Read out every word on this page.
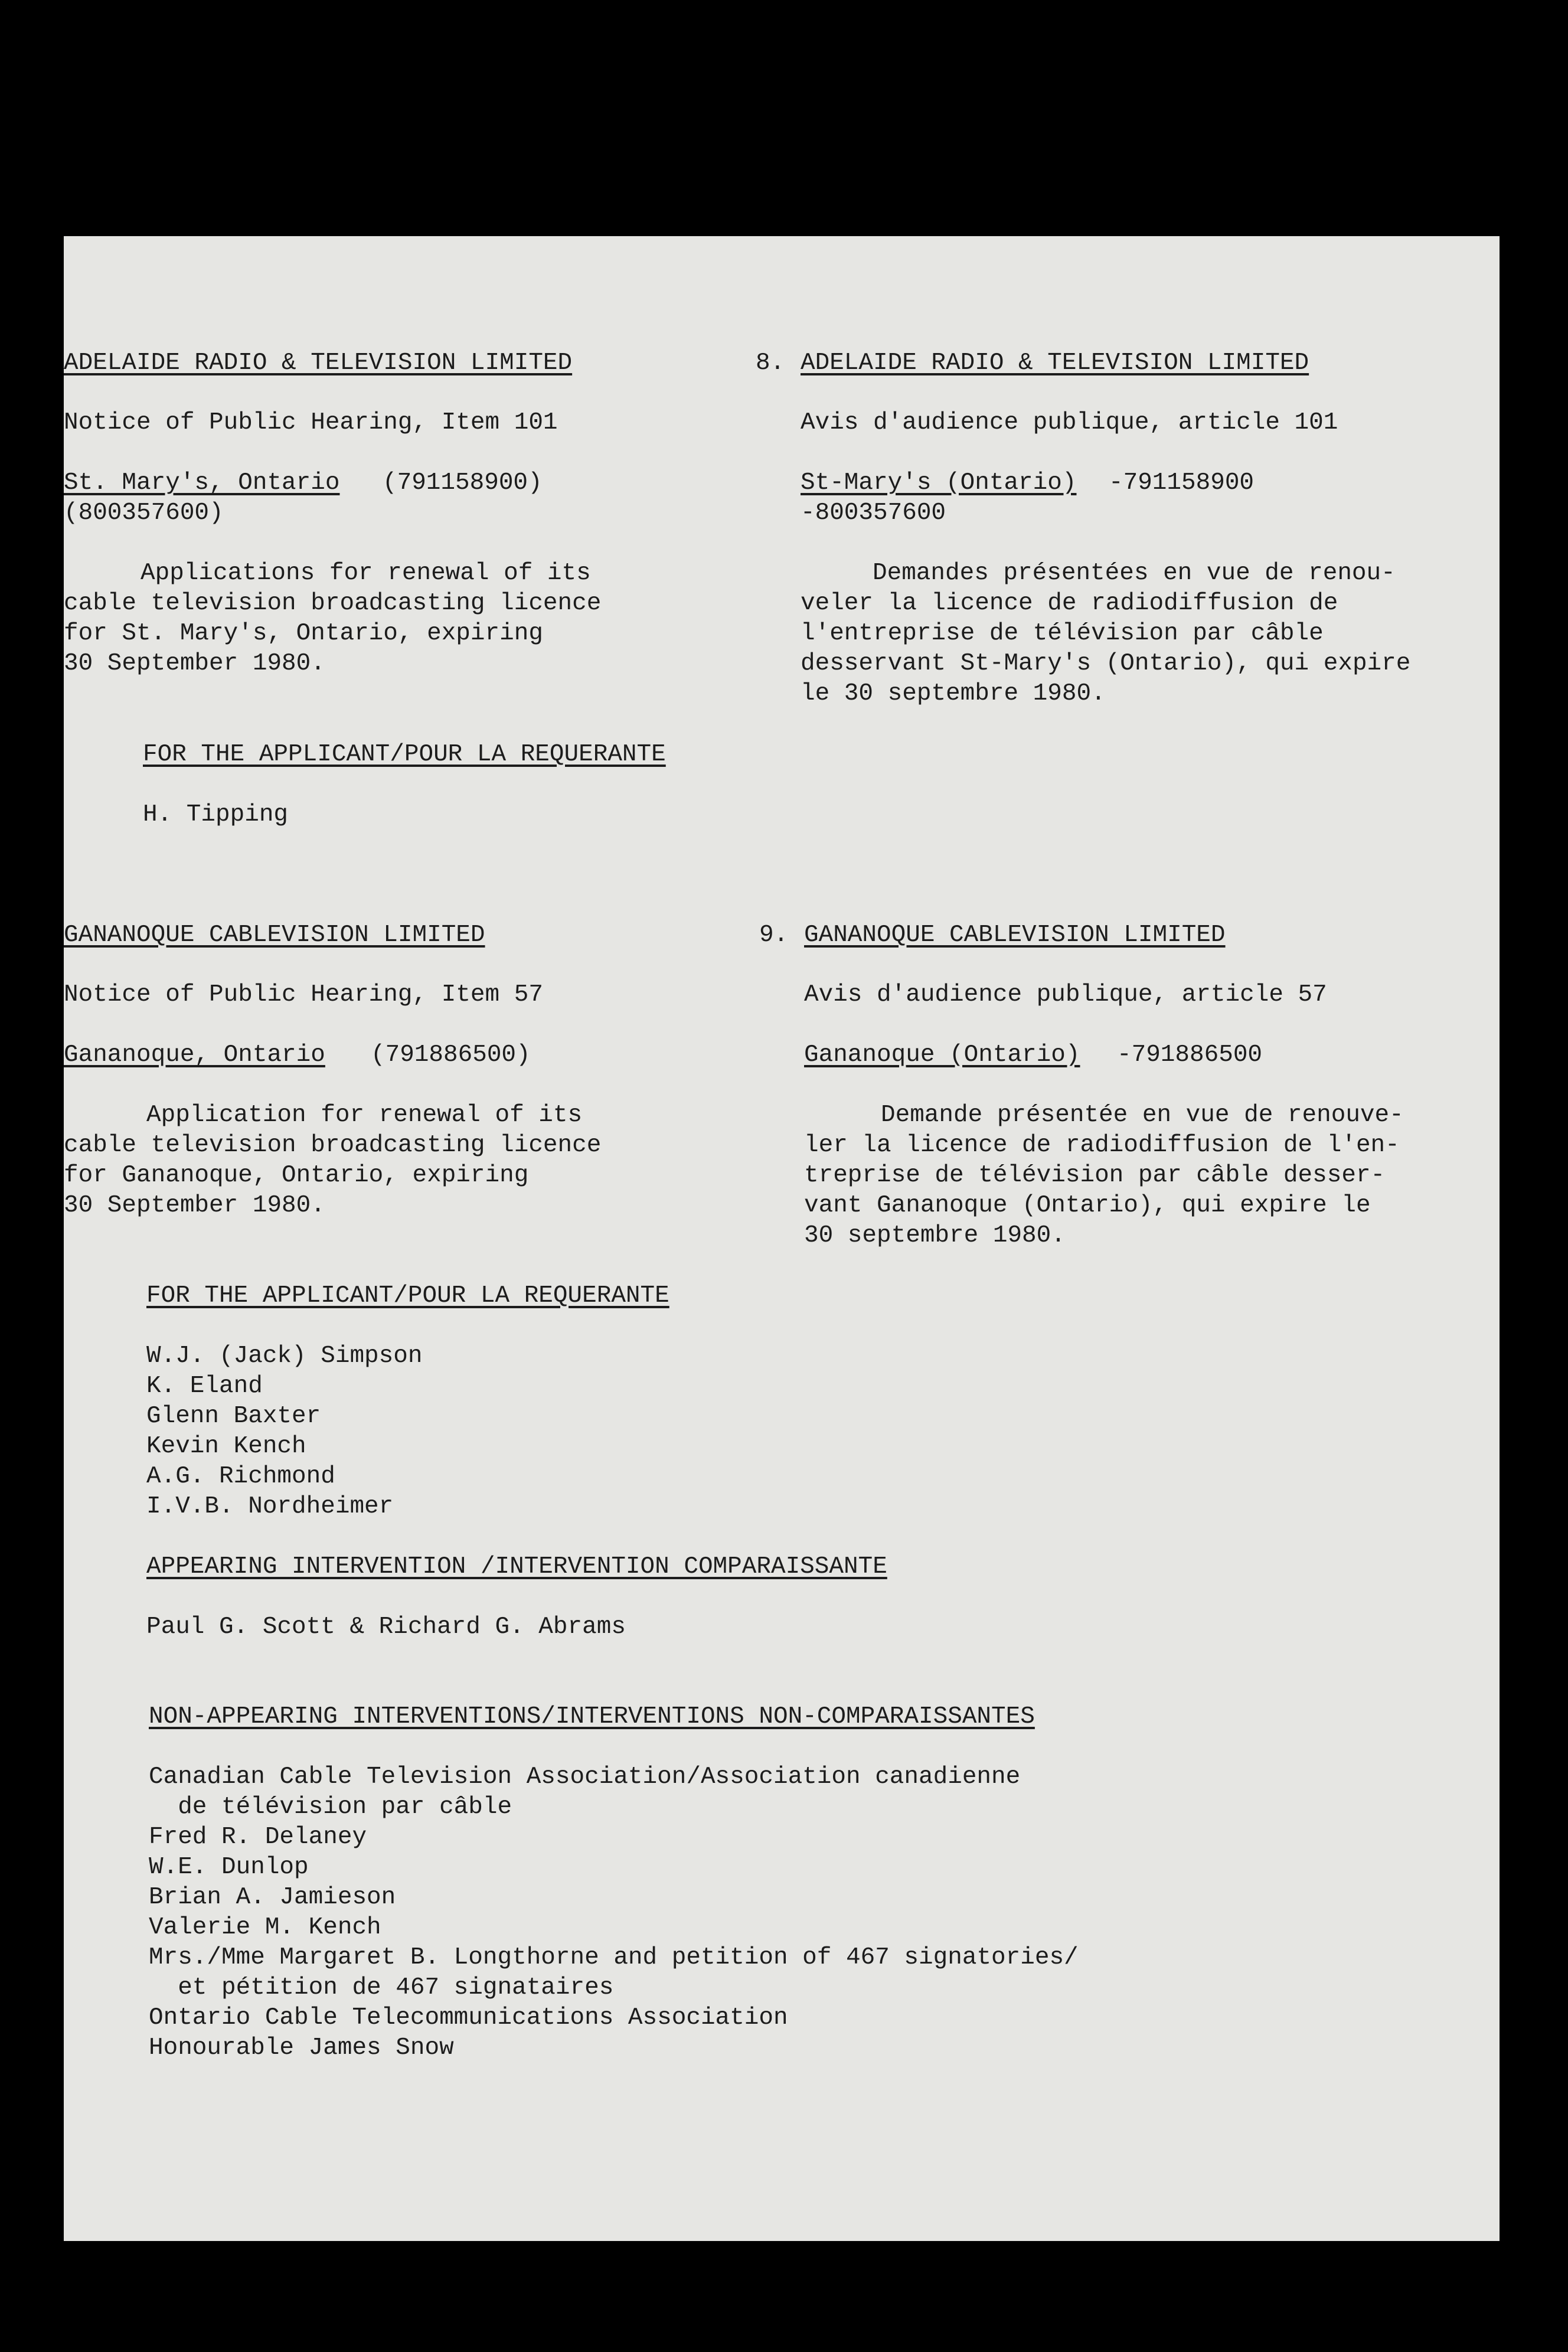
ADELAIDE RADIO & TELEVISION LIMITED

Notice of Public Hearing, Item 101

St. Mary's, Ontario (791158900)

(800357600)

Applications for renewal of its

cable television broadcasting licence

for St. Mary's, Ontario, expiring

30 September 1980.

8. ADELAIDE RADIO & TELEVISION LIMITED

Avis d'audience publique, article 101

St-Mary's (Ontario) -791158900

-800357600

Demandes présentées en vue de renou-

veler la licence de radiodiffusion de

l'entreprise de télévision par câble

desservant St-Mary's (Ontario), qui expire

le 30 septembre 1980.

FOR THE APPLICANT/POUR LA REQUERANTE

H. Tipping

GANANOQUE CABLEVISION LIMITED

Notice of Public Hearing, Item 57

Gananoque, Ontario (791886500)

Application for renewal of its

cable television broadcasting licence

for Gananoque, Ontario, expiring

30 September 1980.

9. GANANOQUE CABLEVISION LIMITED

Avis d'audience publique, article 57

Gananoque (Ontario) -791886500

Demande présentée en vue de renouve-

ler la licence de radiodiffusion de l'en-

treprise de télévision par câble desser-

vant Gananoque (Ontario), qui expire le

30 septembre 1980.

FOR THE APPLICANT/POUR LA REQUERANTE

W.J. (Jack) Simpson

K. Eland

Glenn Baxter

Kevin Kench

A.G. Richmond

I.V.B. Nordheimer

APPEARING INTERVENTION /INTERVENTION COMPARAISSANTE

Paul G. Scott & Richard G. Abrams

NON-APPEARING INTERVENTIONS/INTERVENTIONS NON-COMPARAISSANTES

Canadian Cable Television Association/Association canadienne

de télévision par câble

Fred R. Delaney

W.E. Dunlop

Brian A. Jamieson

Valerie M. Kench

Mrs./Mme Margaret B. Longthorne and petition of 467 signatories/

et pétition de 467 signataires

Ontario Cable Telecommunications Association

Honourable James Snow
